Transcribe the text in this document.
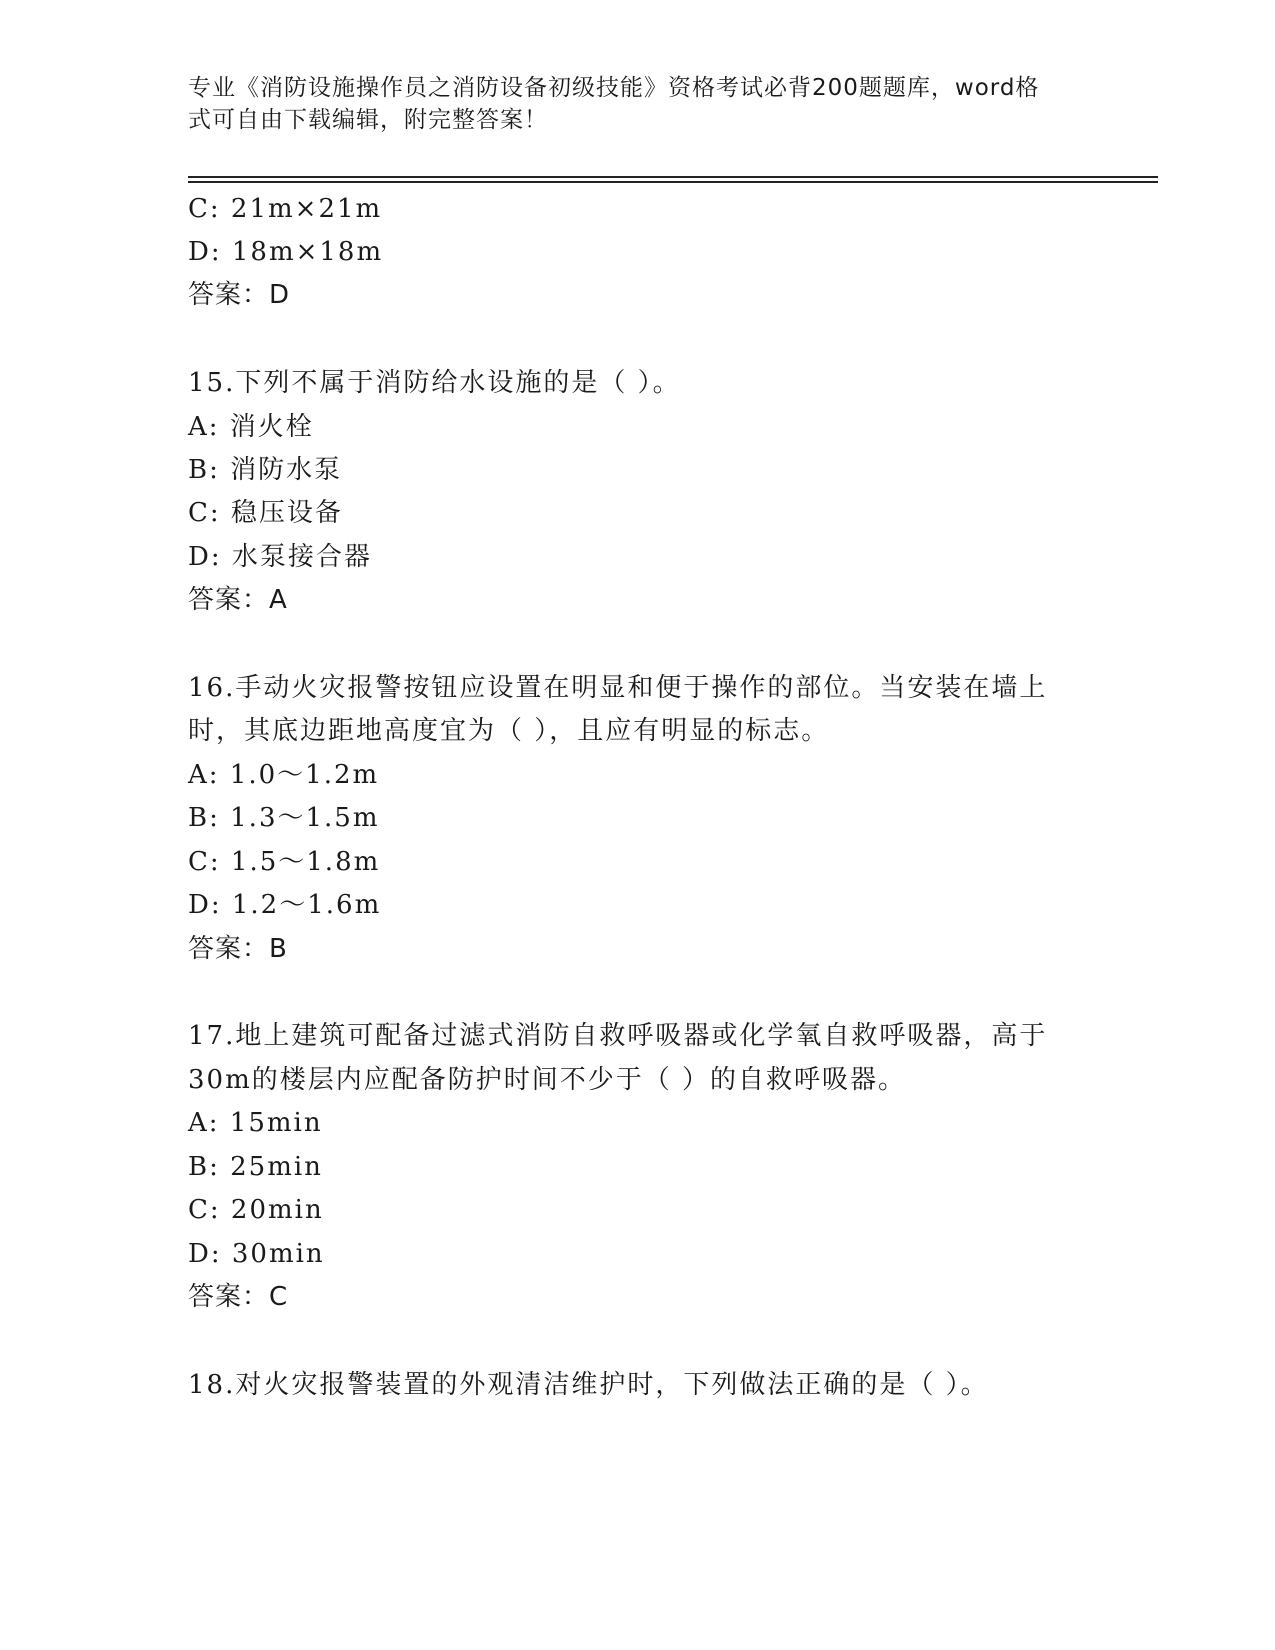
专业《消防设施操作员之消防设备初级技能》资格考试必背200题题库，word格
式可自由下载编辑，附完整答案！
C: 21m×21m
D: 18m×18m
答案：D
15.下列不属于消防给水设施的是（ ）。
A: 消火栓
B: 消防水泵
C: 稳压设备
D: 水泵接合器
答案：A
16.手动火灾报警按钮应设置在明显和便于操作的部位。当安装在墙上
时，其底边距地高度宜为（ ），且应有明显的标志。
A: 1.0～1.2m
B: 1.3～1.5m
C: 1.5～1.8m
D: 1.2～1.6m
答案：B
17.地上建筑可配备过滤式消防自救呼吸器或化学氧自救呼吸器，高于
30m的楼层内应配备防护时间不少于（ ）的自救呼吸器。
A: 15min
B: 25min
C: 20min
D: 30min
答案：C
18.对火灾报警装置的外观清洁维护时，下列做法正确的是（ ）。
